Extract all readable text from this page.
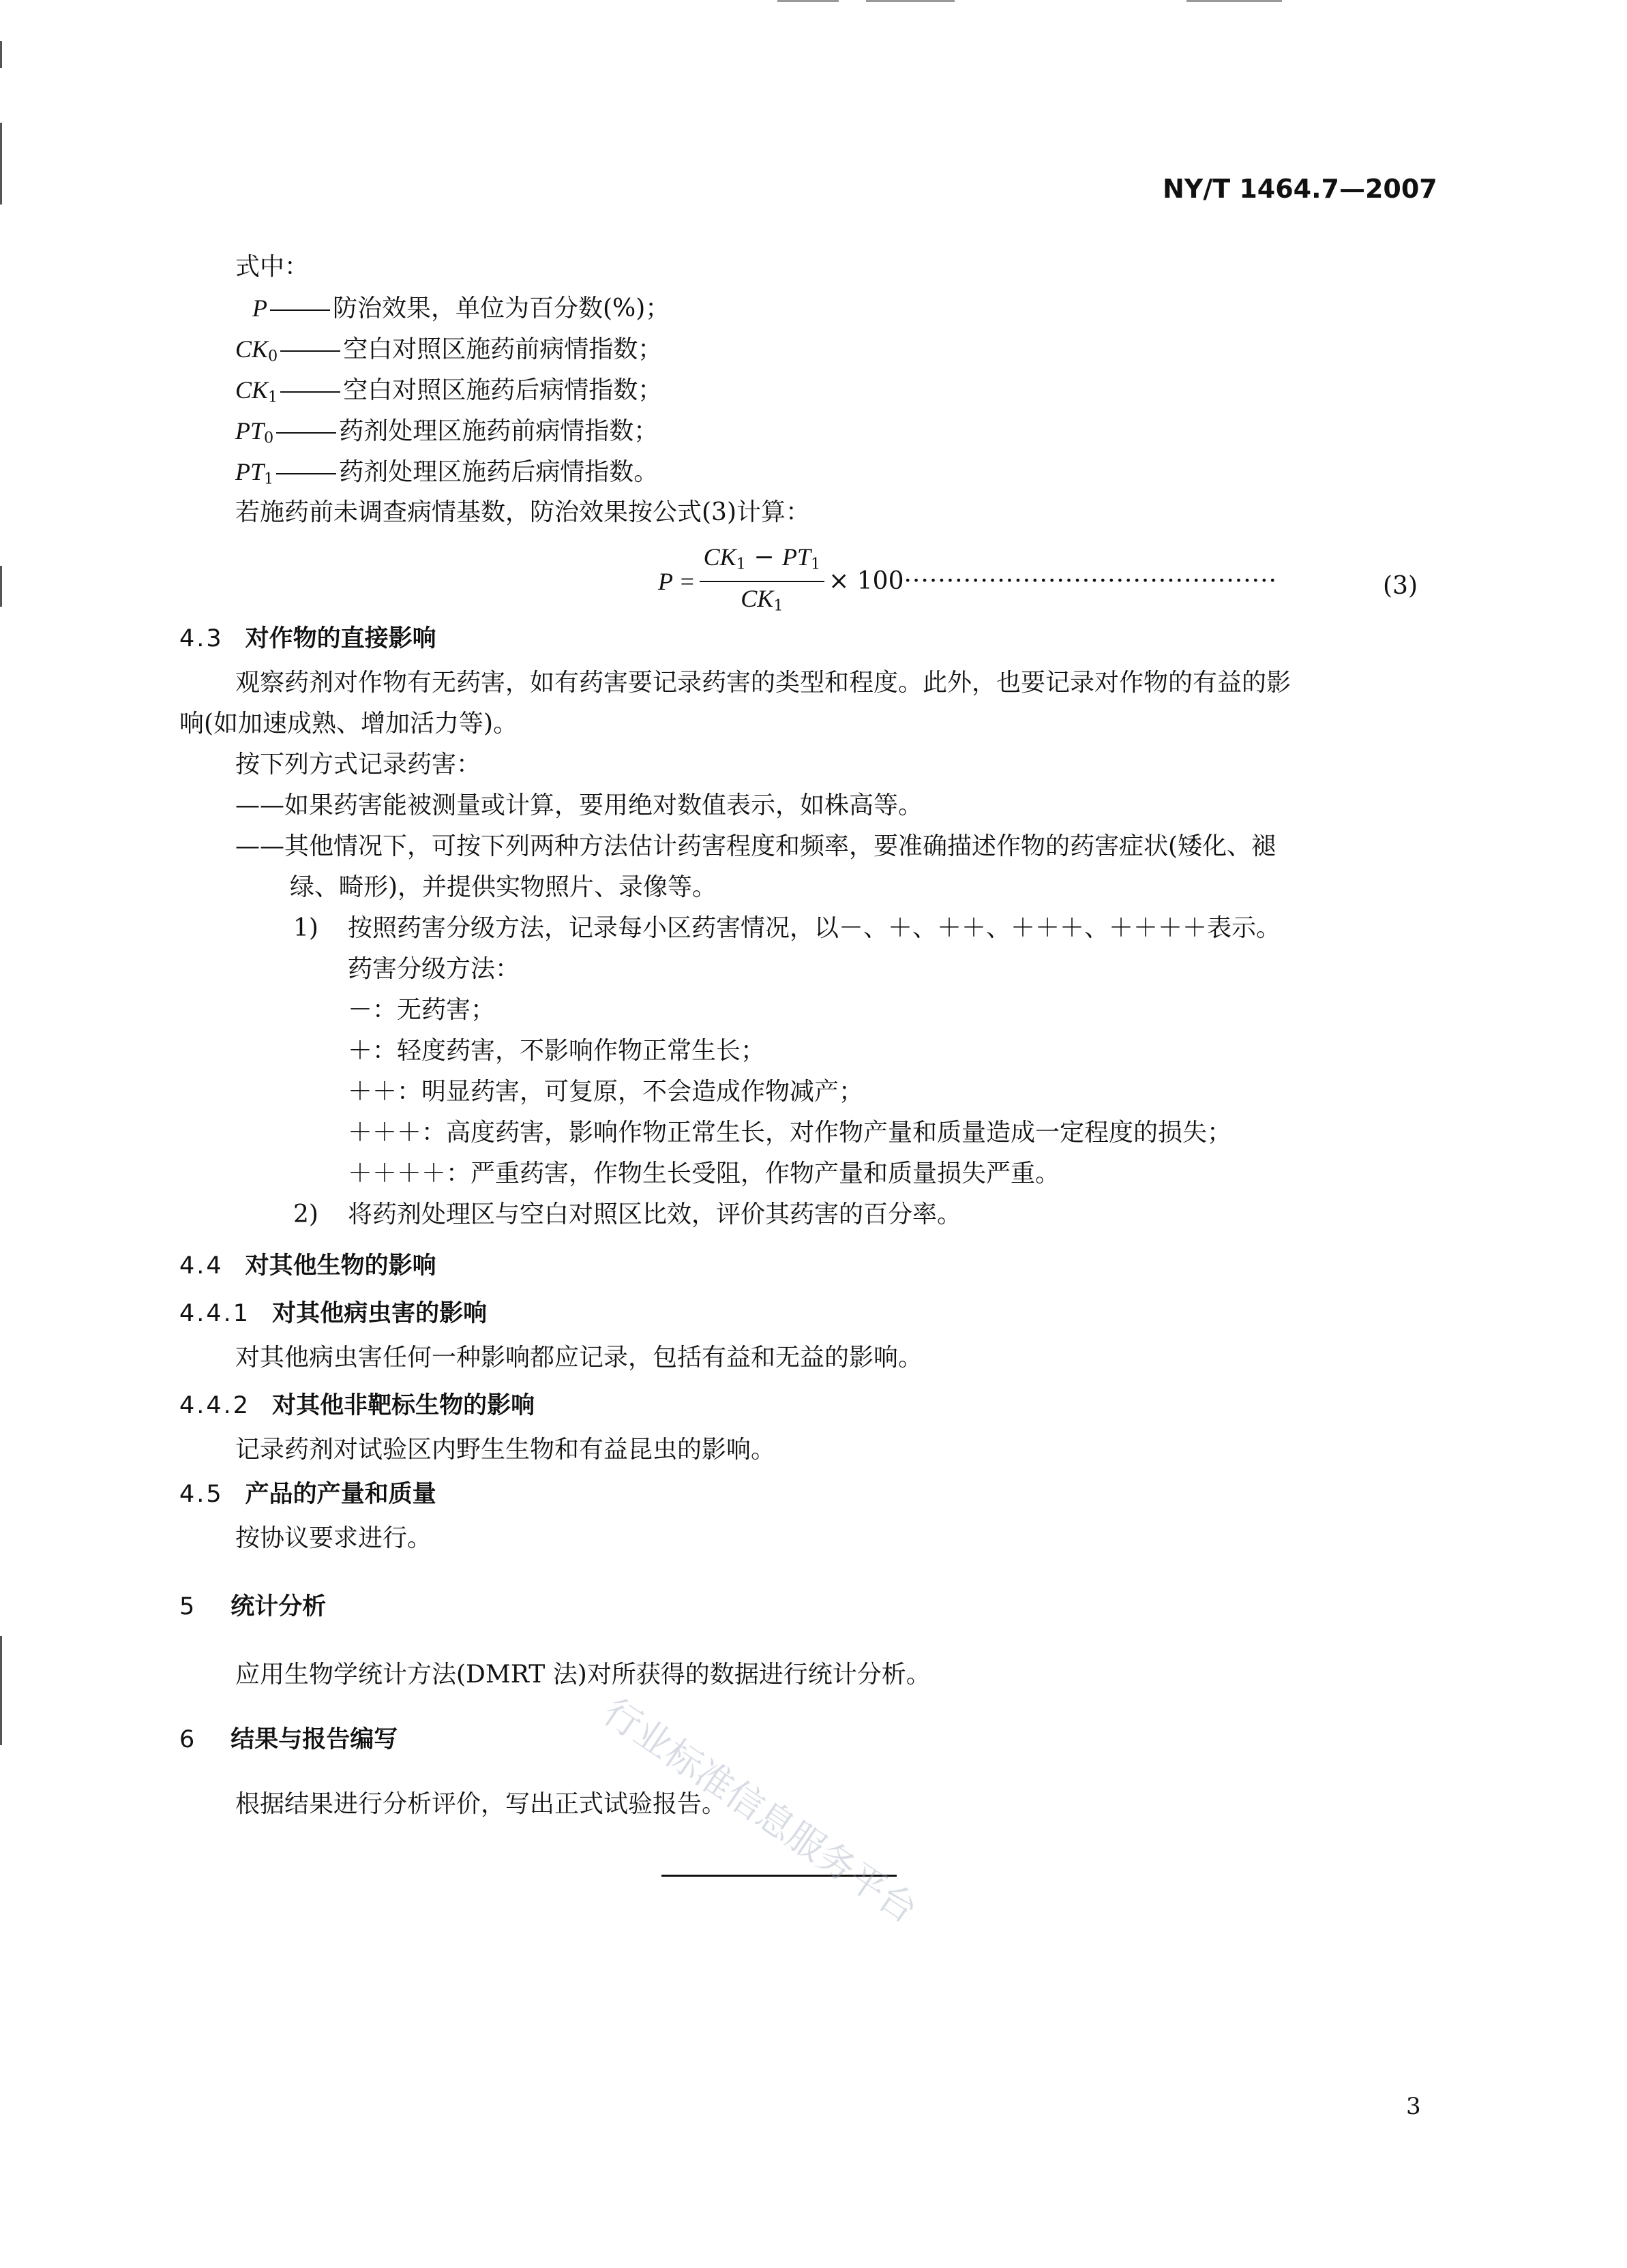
NY/T 1464.7—2007
式中：
P	防治效果，单位为百分数(%)；
$CK_0$	空白对照区施药前病情指数；
$CK_1$	空白对照区施药后病情指数；
$PT_0$	药剂处理区施药前病情指数；
$PT_1$	药剂处理区施药后病情指数。
若施药前未调查病情基数，防治效果按公式(3)计算：
$P = \frac{CK_1 - PT_1}{CK_1} \times 100$ ············································	(3)
4.3 对作物的直接影响
观察药剂对作物有无药害，如有药害要记录药害的类型和程度。此外，也要记录对作物的有益的影
响(如加速成熟、增加活力等)。
按下列方式记录药害：
——如果药害能被测量或计算，要用绝对数值表示，如株高等。
——其他情况下，可按下列两种方法估计药害程度和频率，要准确描述作物的药害症状(矮化、褪
绿、畸形)，并提供实物照片、录像等。
1) 按照药害分级方法，记录每小区药害情况，以－、＋、＋＋、＋＋＋、＋＋＋＋表示。
药害分级方法：
－：无药害；
＋：轻度药害，不影响作物正常生长；
＋＋：明显药害，可复原，不会造成作物减产；
＋＋＋：高度药害，影响作物正常生长，对作物产量和质量造成一定程度的损失；
＋＋＋＋：严重药害，作物生长受阻，作物产量和质量损失严重。
2) 将药剂处理区与空白对照区比效，评价其药害的百分率。
4.4 对其他生物的影响
4.4.1 对其他病虫害的影响
对其他病虫害任何一种影响都应记录，包括有益和无益的影响。
4.4.2 对其他非靶标生物的影响
记录药剂对试验区内野生生物和有益昆虫的影响。
4.5 产品的产量和质量
按协议要求进行。
5 统计分析
应用生物学统计方法(DMRT 法)对所获得的数据进行统计分析。
6 结果与报告编写
根据结果进行分析评价，写出正式试验报告。
行业标准信息服务平台
3
